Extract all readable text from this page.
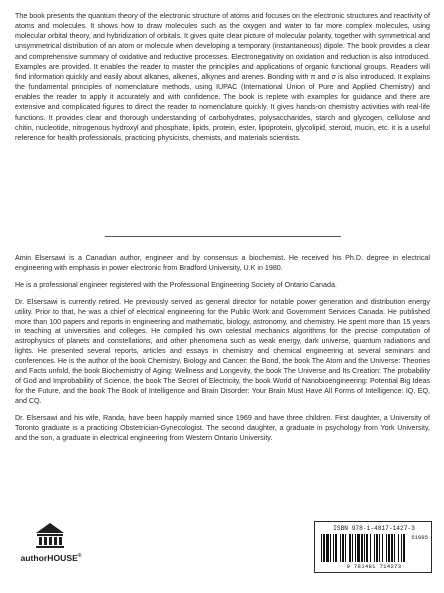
The book presents the quantum theory of the electronic structure of atoms and focuses on the electronic structures and reactivity of atoms and molecules. It shows how to draw molecules such as the oxygen and water to far more complex molecules, using molecular orbital theory, and hybridization of orbitals. It gives quite clear picture of molecular polarity, together with symmetrical and unsymmetrical distribution of an atom or molecule when developing a temporary (instantaneous) dipole. The book provides a clear and comprehensive summary of oxidative and reductive processes. Electronegativity on oxidation and reduction is also introduced. Examples are provided. It enables the reader to master the principles and applications of organic functional groups. Readers will find information quickly and easily about alkanes, alkenes, alkynes and arenes. Bonding with π and σ is also introduced. It explains the fundamental principles of nomenclature methods, using IUPAC (International Union of Pure and Applied Chemistry) and enables the reader to apply it accurately and with confidence. The book is replete with examples for guidance and there are extensive and complicated figures to direct the reader to nomenclature quickly. It gives hands-on chemistry activities with real-life functions. It provides clear and thorough understanding of carbohydrates, polysaccharides, starch and glycogen, cellulose and chitin, nucleotide, nitrogenous hydroxyl and phosphate, lipids, protein, ester, lipoprotein, glycolipid, steroid, mucin, etc. it is a useful reference for health professionals, practicing physicists, chemists, and materials scientists.

Amin Elsersawi is a Canadian author, engineer and by consensus a biochemist. He received his Ph.D. degree in electrical engineering with emphasis in power electronic from Bradford University, U.K in 1980.

He is a professional engineer registered with the Professional Engineering Society of Ontario Canada.

Dr. Elsersawi is currently retired. He previously served as general director for notable power generation and distribution energy utility. Prior to that, he was a chief of electrical engineering for the Public Work and Government Services Canada. He published more than 100 papers and reports in engineering and mathematic, biology, astronomy, and chemistry. He spent more than 15 years in teaching at universities and colleges. He compiled his own celestial mechanics algorithms for the precise computation of astrophysics of planets and constellations, and other phenomena such as weak energy, dark universe, quantum radiations and lights. He presented several reports, articles and essays in chemistry and chemical engineering at several seminars and conferences. He is the author of the book Chemistry, Biology and Cancer: the Bond, the book The Atom and the Universe: Theories and Facts unfold, the book Biochemistry of Aging: Wellness and Longevity, the book The Universe and Its Creation: The probability of God and Improbability of Science, the book The Secret of Electricity, the book World of Nanobioengineering: Potential Big Ideas for the Future, and the book The Book of Intelligence and Brain Disorder: Your Brain Must Have All Forms of Intelligence: IQ, EQ, and CQ.

Dr. Elsersawi and his wife, Randa, have been happily married since 1969 and have three children. First daughter, a University of Toronto graduate is a practicing Obstetrician-Gynecologist. The second daughter, a graduate in psychology from York University, and the son, a graduate in electrical engineering from Western Ontario University.

authorHOUSE®
ISBN 978-1-4817-1427-3
51995
9 781481 714273
